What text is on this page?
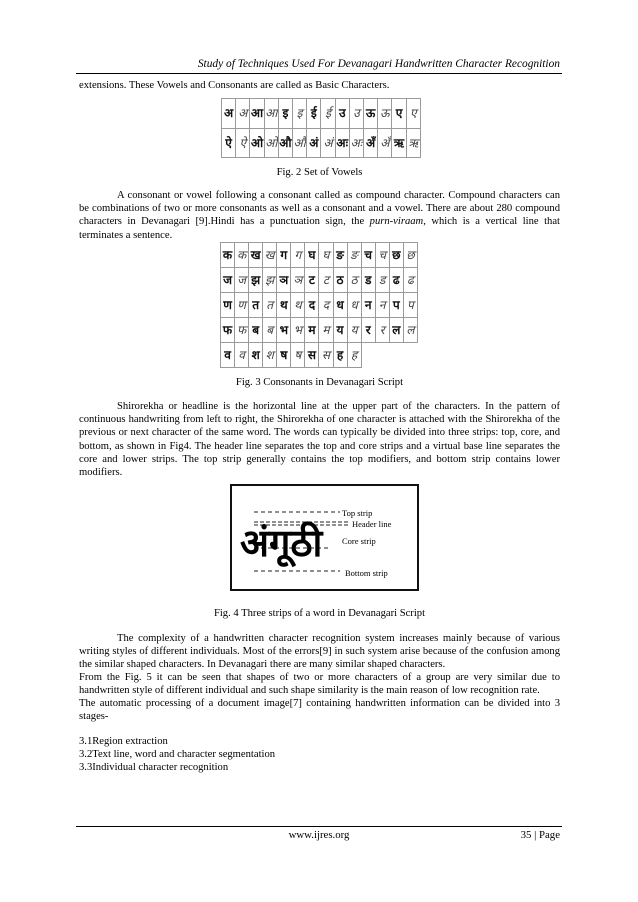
Study of Techniques Used For Devanagari Handwritten Character Recognition

extensions. These Vowels and Consonants are called as Basic Characters.

अ	अ	आ	आ	इ	इ	ई	ई	उ	उ	ऊ	ऊ	ए	ए
ऐ	ऐ	ओ	ओ	औ	औ	अं	अं	अः	अः	अँ	अँ	ऋ	ऋ

Fig. 2 Set of Vowels

A consonant or vowel following a consonant called as compound character. Compound characters can be combinations of two or more consonants as well as a consonant and a vowel. There are about 280 compound characters in Devanagari [9].Hindi has a punctuation sign, the purn-viraam, which is a vertical line that terminates a sentence.

क	क	ख	ख	ग	ग	घ	घ	ङ	ङ	च	च	छ	छ
ज	ज	झ	झ	ञ	ञ	ट	ट	ठ	ठ	ड	ड	ढ	ढ
ण	ण	त	त	थ	थ	द	द	ध	ध	न	न	प	प
फ	फ	ब	ब	भ	भ	म	म	य	य	र	र	ल	ल
व	व	श	श	ष	ष	स	स	ह	ह				

Fig. 3 Consonants in Devanagari Script

Shirorekha or headline is the horizontal line at the upper part of the characters. In the pattern of continuous handwriting from left to right, the Shirorekha of one character is attached with the Shirorekha of the previous or next character of the same word. The words can typically be divided into three strips: top, core, and bottom, as shown in Fig4. The header line separates the top and core strips and a virtual base line separates the core and lower strips. The top strip generally contains the top modifiers, and bottom strip contains lower modifiers.

अंगूठी
Top strip
Header line
Core strip
Bottom strip

Fig. 4 Three strips of a word in Devanagari Script

The complexity of a handwritten character recognition system increases mainly because of various writing styles of different individuals. Most of the errors[9] in such system arise because of the confusion among the similar shaped characters. In Devanagari there are many similar shaped characters.

From the Fig. 5 it can be seen that shapes of two or more characters of a group are very similar due to handwritten style of different individual and such shape similarity is the main reason of low recognition rate.

The automatic processing of a document image[7] containing handwritten information can be divided into 3 stages-

3.1Region extraction
3.2Text line, word and character segmentation
3.3Individual character recognition
www.ijres.org	35 | Page
